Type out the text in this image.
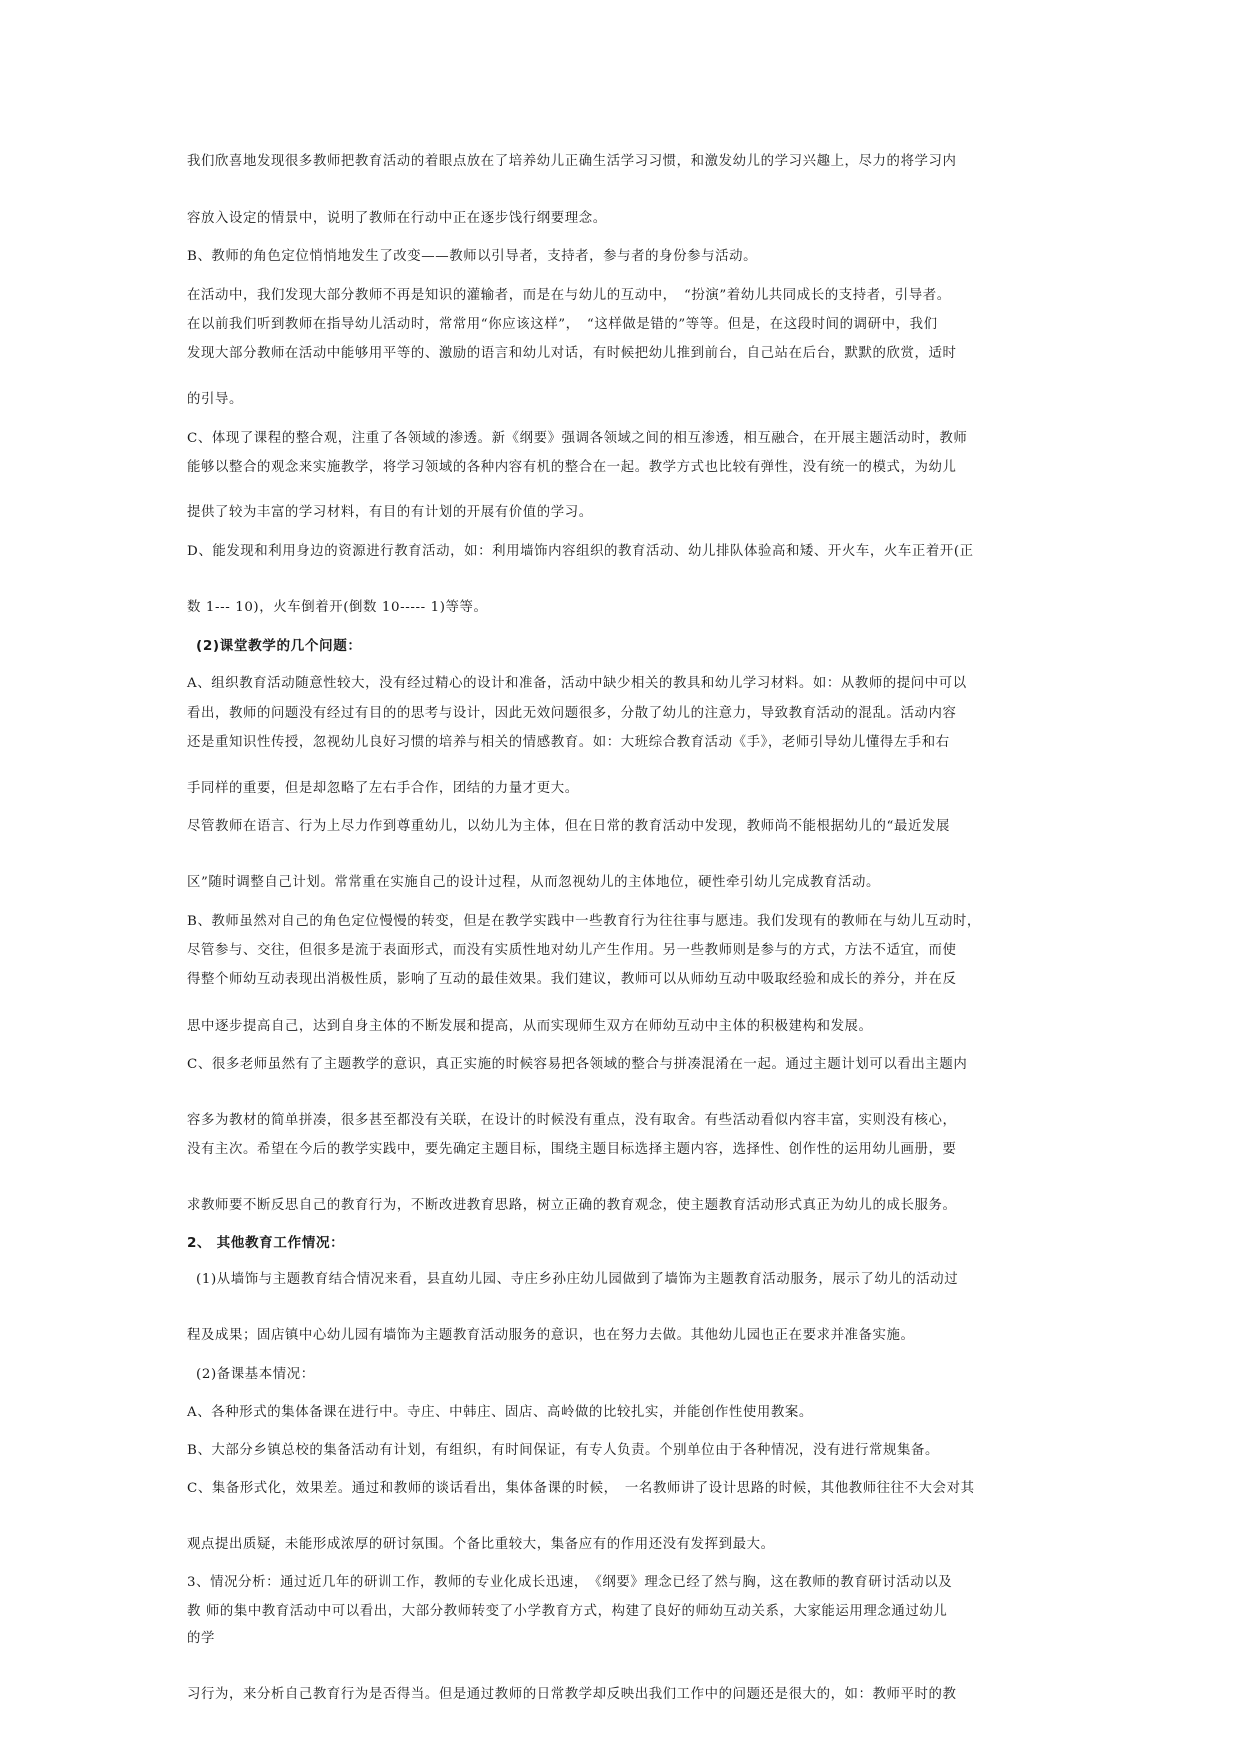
我们欣喜地发现很多教师把教育活动的着眼点放在了培养幼儿正确生活学习习惯，和激发幼儿的学习兴趣上，尽力的将学习内

容放入设定的情景中，说明了教师在行动中正在逐步饯行纲要理念。

B、教师的角色定位悄悄地发生了改变——教师以引导者，支持者，参与者的身份参与活动。

在活动中，我们发现大部分教师不再是知识的灌输者，而是在与幼儿的互动中，　“扮演”着幼儿共同成长的支持者，引导者。

在以前我们听到教师在指导幼儿活动时，常常用“你应该这样”，　“这样做是错的”等等。但是，在这段时间的调研中，我们

发现大部分教师在活动中能够用平等的、激励的语言和幼儿对话，有时候把幼儿推到前台，自己站在后台，默默的欣赏，适时

的引导。

C、体现了课程的整合观，注重了各领域的渗透。新《纲要》强调各领域之间的相互渗透，相互融合，在开展主题活动时，教师

能够以整合的观念来实施教学，将学习领域的各种内容有机的整合在一起。教学方式也比较有弹性，没有统一的模式，为幼儿

提供了较为丰富的学习材料，有目的有计划的开展有价值的学习。

D、能发现和利用身边的资源进行教育活动，如：利用墙饰内容组织的教育活动、幼儿排队体验高和矮、开火车，火车正着开(正

数 1--- 10)，火车倒着开(倒数 10----- 1)等等。

(2)课堂教学的几个问题：

A、组织教育活动随意性较大，没有经过精心的设计和准备，活动中缺少相关的教具和幼儿学习材料。如：从教师的提问中可以

看出，教师的问题没有经过有目的的思考与设计，因此无效问题很多，分散了幼儿的注意力，导致教育活动的混乱。活动内容

还是重知识性传授，忽视幼儿良好习惯的培养与相关的情感教育。如：大班综合教育活动《手》，老师引导幼儿懂得左手和右

手同样的重要，但是却忽略了左右手合作，团结的力量才更大。

尽管教师在语言、行为上尽力作到尊重幼儿，以幼儿为主体，但在日常的教育活动中发现，教师尚不能根据幼儿的“最近发展

区”随时调整自己计划。常常重在实施自己的设计过程，从而忽视幼儿的主体地位，硬性牵引幼儿完成教育活动。

B、教师虽然对自己的角色定位慢慢的转变，但是在教学实践中一些教育行为往往事与愿违。我们发现有的教师在与幼儿互动时，

尽管参与、交往，但很多是流于表面形式，而没有实质性地对幼儿产生作用。另一些教师则是参与的方式，方法不适宜，而使

得整个师幼互动表现出消极性质，影响了互动的最佳效果。我们建议，教师可以从师幼互动中吸取经验和成长的养分，并在反

思中逐步提高自己，达到自身主体的不断发展和提高，从而实现师生双方在师幼互动中主体的积极建构和发展。

C、很多老师虽然有了主题教学的意识，真正实施的时候容易把各领域的整合与拼凑混淆在一起。通过主题计划可以看出主题内

容多为教材的简单拼凑，很多甚至都没有关联，在设计的时候没有重点，没有取舍。有些活动看似内容丰富，实则没有核心，

没有主次。希望在今后的教学实践中，要先确定主题目标，围绕主题目标选择主题内容，选择性、创作性的运用幼儿画册，要

求教师要不断反思自己的教育行为，不断改进教育思路，树立正确的教育观念，使主题教育活动形式真正为幼儿的成长服务。

2、 其他教育工作情况：

(1)从墙饰与主题教育结合情况来看，县直幼儿园、寺庄乡孙庄幼儿园做到了墙饰为主题教育活动服务，展示了幼儿的活动过

程及成果；固店镇中心幼儿园有墙饰为主题教育活动服务的意识，也在努力去做。其他幼儿园也正在要求并准备实施。

(2)备课基本情况：

A、各种形式的集体备课在进行中。寺庄、中韩庄、固店、高岭做的比较扎实，并能创作性使用教案。

B、大部分乡镇总校的集备活动有计划，有组织，有时间保证，有专人负责。个别单位由于各种情况，没有进行常规集备。

C、集备形式化，效果差。通过和教师的谈话看出，集体备课的时候，　一名教师讲了设计思路的时候，其他教师往往不大会对其

观点提出质疑，未能形成浓厚的研讨氛围。个备比重较大，集备应有的作用还没有发挥到最大。

3、情况分析：通过近几年的研训工作，教师的专业化成长迅速，　《纲要》理念已经了然与胸，这在教师的教育研讨活动以及

教 师的集中教育活动中可以看出，大部分教师转变了小学教育方式，构建了良好的师幼互动关系，大家能运用理念通过幼儿

的学

习行为，来分析自己教育行为是否得当。但是通过教师的日常教学却反映出我们工作中的问题还是很大的，如：教师平时的教
